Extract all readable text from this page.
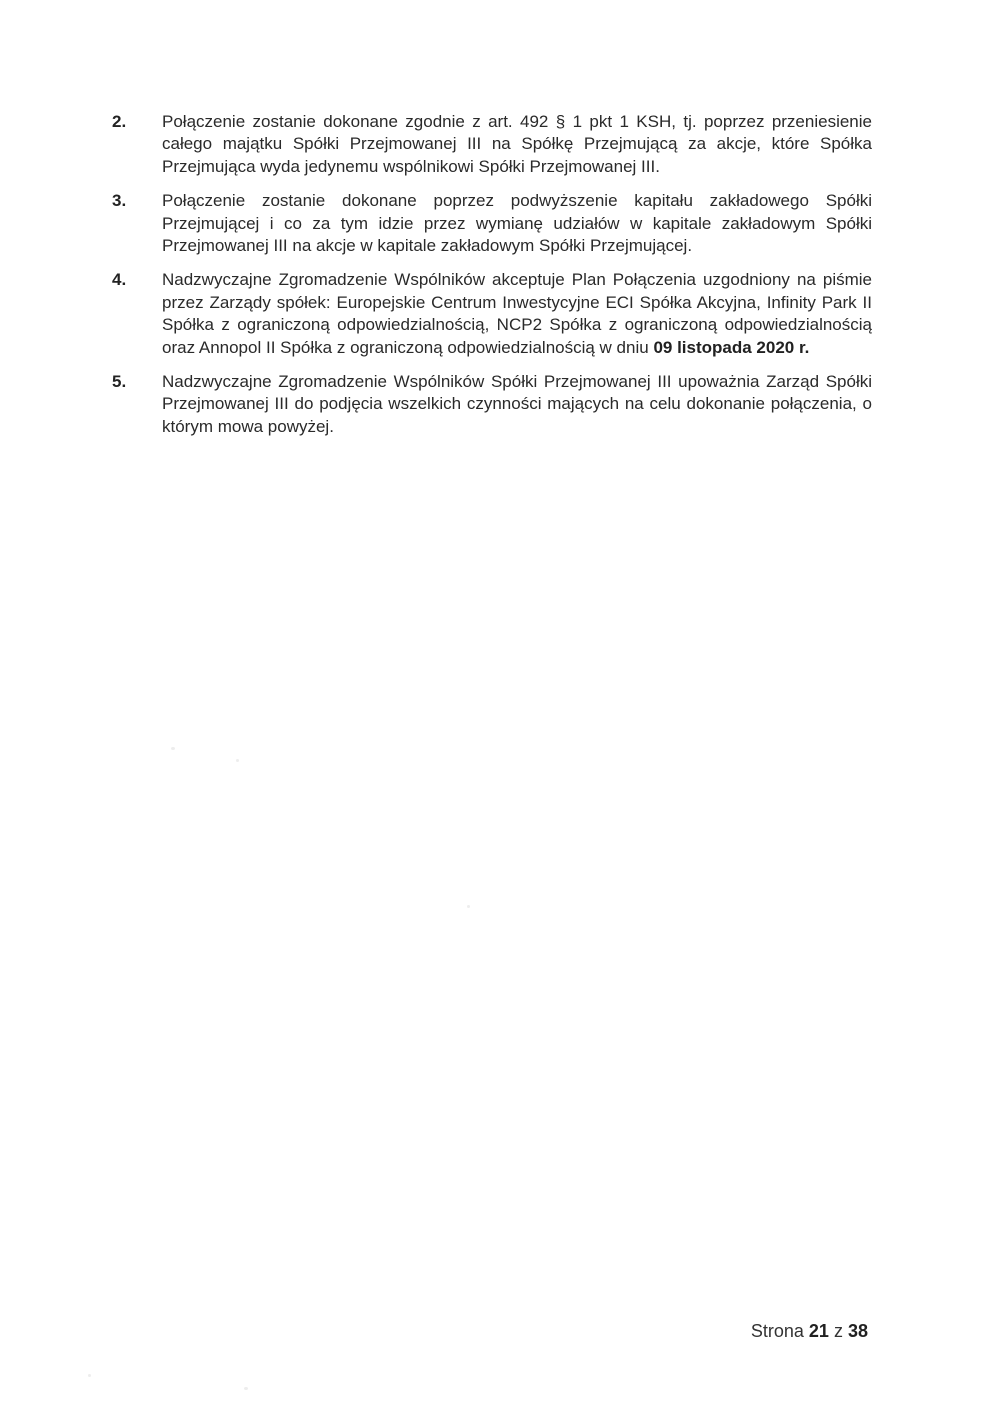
2.	Połączenie zostanie dokonane zgodnie z art. 492 § 1 pkt 1 KSH, tj. poprzez przeniesienie całego majątku Spółki Przejmowanej III na Spółkę Przejmującą za akcje, które Spółka Przejmująca wyda jedynemu wspólnikowi Spółki Przejmowanej III.
3.	Połączenie zostanie dokonane poprzez podwyższenie kapitału zakładowego Spółki Przejmującej i co za tym idzie przez wymianę udziałów w kapitale zakładowym Spółki Przejmowanej III na akcje w kapitale zakładowym Spółki Przejmującej.
4.	Nadzwyczajne Zgromadzenie Wspólników akceptuje Plan Połączenia uzgodniony na piśmie przez Zarządy spółek: Europejskie Centrum Inwestycyjne ECI Spółka Akcyjna, Infinity Park II Spółka z ograniczoną odpowiedzialnością, NCP2 Spółka z ograniczoną odpowiedzialnością oraz Annopol II Spółka z ograniczoną odpowiedzialnością w dniu 09 listopada 2020 r.
5.	Nadzwyczajne Zgromadzenie Wspólników Spółki Przejmowanej III upoważnia Zarząd Spółki Przejmowanej III do podjęcia wszelkich czynności mających na celu dokonanie połączenia, o którym mowa powyżej.
Strona 21 z 38
